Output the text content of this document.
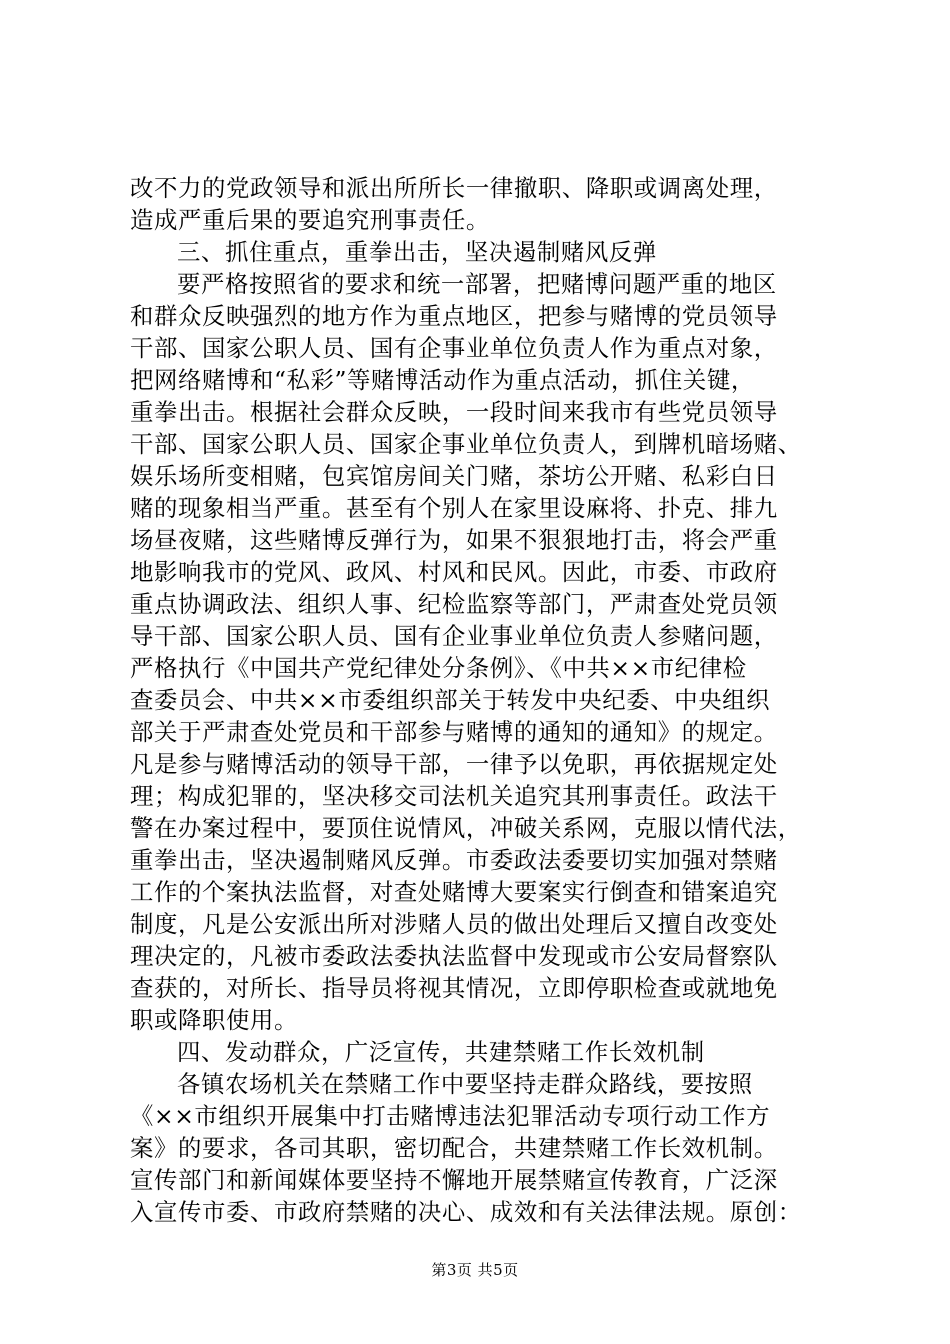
改不力的党政领导和派出所所长一律撤职、降职或调离处理，
造成严重后果的要追究刑事责任。
三、抓住重点，重拳出击，坚决遏制赌风反弹
要严格按照省的要求和统一部署，把赌博问题严重的地区
和群众反映强烈的地方作为重点地区，把参与赌博的党员领导
干部、国家公职人员、国有企事业单位负责人作为重点对象，
把网络赌博和“私彩”等赌博活动作为重点活动，抓住关键，
重拳出击。根据社会群众反映，一段时间来我市有些党员领导
干部、国家公职人员、国家企事业单位负责人，到牌机暗场赌、
娱乐场所变相赌，包宾馆房间关门赌，茶坊公开赌、私彩白日
赌的现象相当严重。甚至有个别人在家里设麻将、扑克、排九
场昼夜赌，这些赌博反弹行为，如果不狠狠地打击，将会严重
地影响我市的党风、政风、村风和民风。因此，市委、市政府
重点协调政法、组织人事、纪检监察等部门，严肃查处党员领
导干部、国家公职人员、国有企业事业单位负责人参赌问题，
严格执行《中国共产党纪律处分条例》、《中共××市纪律检
查委员会、中共××市委组织部关于转发中央纪委、中央组织
部关于严肃查处党员和干部参与赌博的通知的通知》的规定。
凡是参与赌博活动的领导干部，一律予以免职，再依据规定处
理；构成犯罪的，坚决移交司法机关追究其刑事责任。政法干
警在办案过程中，要顶住说情风，冲破关系网，克服以情代法，
重拳出击，坚决遏制赌风反弹。市委政法委要切实加强对禁赌
工作的个案执法监督，对查处赌博大要案实行倒查和错案追究
制度，凡是公安派出所对涉赌人员的做出处理后又擅自改变处
理决定的，凡被市委政法委执法监督中发现或市公安局督察队
查获的，对所长、指导员将视其情况，立即停职检查或就地免
职或降职使用。
四、发动群众，广泛宣传，共建禁赌工作长效机制
各镇农场机关在禁赌工作中要坚持走群众路线，要按照
《××市组织开展集中打击赌博违法犯罪活动专项行动工作方
案》的要求，各司其职，密切配合，共建禁赌工作长效机制。
宣传部门和新闻媒体要坚持不懈地开展禁赌宣传教育，广泛深
入宣传市委、市政府禁赌的决心、成效和有关法律法规。原创：
第3页 共5页
